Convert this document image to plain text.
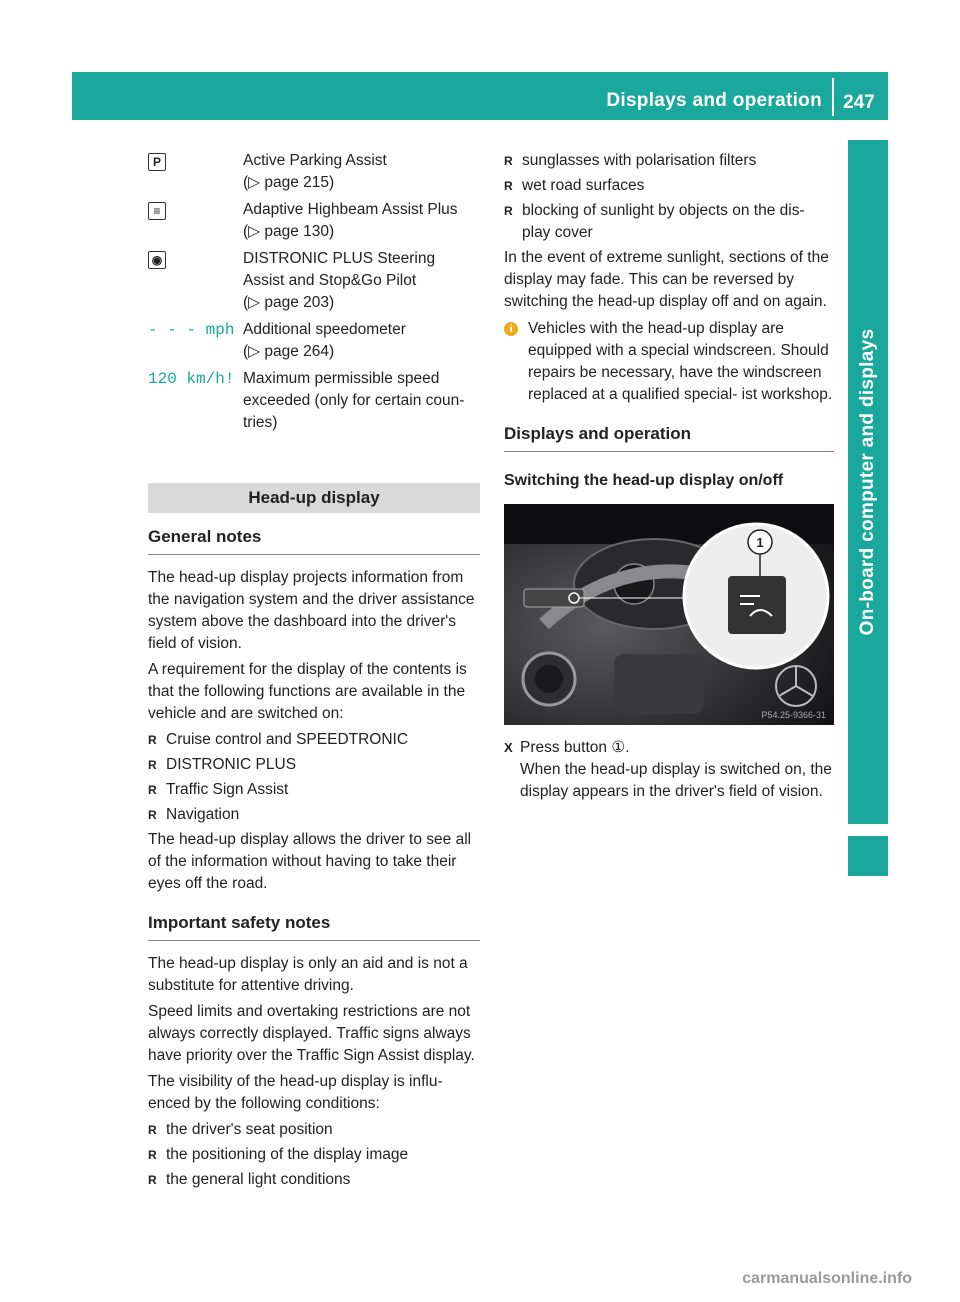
Displays and operation	247
On-board computer and displays
P	Active Parking Assist
(▷ page 215)
≡	Adaptive Highbeam Assist Plus
(▷ page 130)
◉	DISTRONIC PLUS Steering
Assist and Stop&Go Pilot
(▷ page 203)
- - - mph Additional speedometer
(▷ page 264)
120 km/h! Maximum permissible speed
exceeded (only for certain coun-
tries)
Head-up display
General notes

The head-up display projects information from the navigation system and the driver assistance system above the dashboard into the driver's field of vision.

A requirement for the display of the contents is that the following functions are available in the vehicle and are switched on:

R Cruise control and SPEEDTRONIC
R DISTRONIC PLUS
R Traffic Sign Assist
R Navigation

The head-up display allows the driver to see all of the information without having to take their eyes off the road.

Important safety notes

The head-up display is only an aid and is not a substitute for attentive driving.

Speed limits and overtaking restrictions are not always correctly displayed. Traffic signs always have priority over the Traffic Sign Assist display.

The visibility of the head-up display is influ- enced by the following conditions:

R the driver's seat position
R the positioning of the display image
R the general light conditions
R sunglasses with polarisation filters
R wet road surfaces
R blocking of sunlight by objects on the dis- play cover

In the event of extreme sunlight, sections of the display may fade. This can be reversed by switching the head-up display off and on again.

i Vehicles with the head-up display are equipped with a special windscreen. Should repairs be necessary, have the windscreen replaced at a qualified special- ist workshop.
Displays and operation
Switching the head-up display on/off
1
P54.25-9366-31
X Press button ①.
When the head-up display is switched on, the display appears in the driver's field of vision.
carmanualsonline.info
